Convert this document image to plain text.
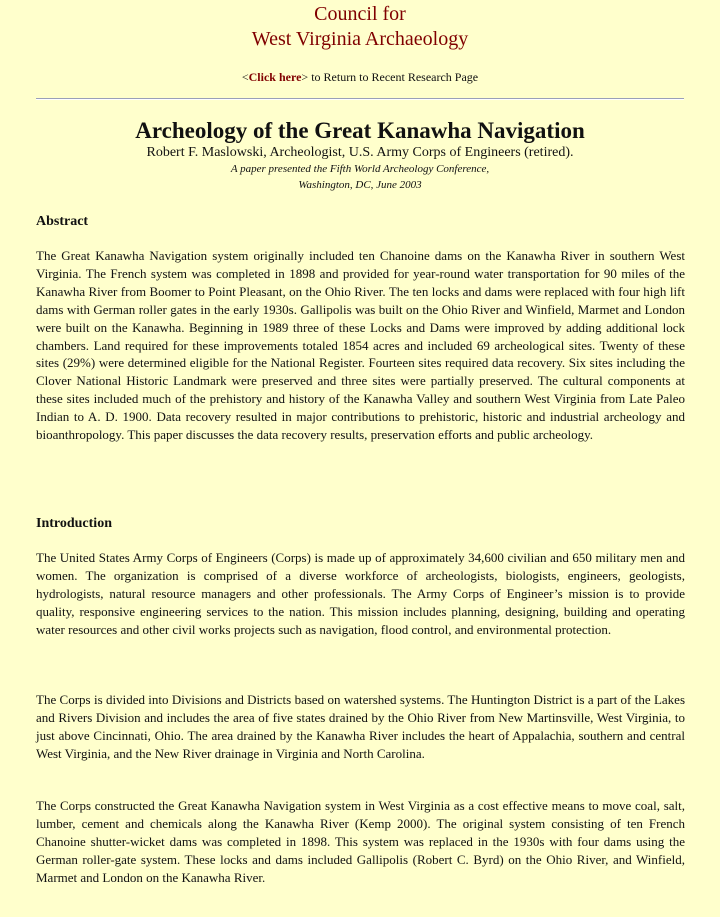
Council for
West Virginia Archaeology
<Click here> to Return to Recent Research Page
Archeology of the Great Kanawha Navigation
Robert F. Maslowski, Archeologist, U.S. Army Corps of Engineers (retired).
A paper presented the Fifth World Archeology Conference,
Washington, DC, June 2003

Abstract

The Great Kanawha Navigation system originally included ten Chanoine dams on the Kanawha River in southern West Virginia. The French system was completed in 1898 and provided for year-round water transportation for 90 miles of the Kanawha River from Boomer to Point Pleasant, on the Ohio River. The ten locks and dams were replaced with four high lift dams with German roller gates in the early 1930s. Gallipolis was built on the Ohio River and Winfield, Marmet and London were built on the Kanawha. Beginning in 1989 three of these Locks and Dams were improved by adding additional lock chambers. Land required for these improvements totaled 1854 acres and included 69 archeological sites. Twenty of these sites (29%) were determined eligible for the National Register. Fourteen sites required data recovery. Six sites including the Clover National Historic Landmark were preserved and three sites were partially preserved. The cultural components at these sites included much of the prehistory and history of the Kanawha Valley and southern West Virginia from Late Paleo Indian to A. D. 1900. Data recovery resulted in major contributions to prehistoric, historic and industrial archeology and bioanthropology. This paper discusses the data recovery results, preservation efforts and public archeology.

Introduction

The United States Army Corps of Engineers (Corps) is made up of approximately 34,600 civilian and 650 military men and women. The organization is comprised of a diverse workforce of archeologists, biologists, engineers, geologists, hydrologists, natural resource managers and other professionals. The Army Corps of Engineer’s mission is to provide quality, responsive engineering services to the nation. This mission includes planning, designing, building and operating water resources and other civil works projects such as navigation, flood control, and environmental protection.

The Corps is divided into Divisions and Districts based on watershed systems. The Huntington District is a part of the Lakes and Rivers Division and includes the area of five states drained by the Ohio River from New Martinsville, West Virginia, to just above Cincinnati, Ohio. The area drained by the Kanawha River includes the heart of Appalachia, southern and central West Virginia, and the New River drainage in Virginia and North Carolina.

The Corps constructed the Great Kanawha Navigation system in West Virginia as a cost effective means to move coal, salt, lumber, cement and chemicals along the Kanawha River (Kemp 2000). The original system consisting of ten French Chanoine shutter-wicket dams was completed in 1898. This system was replaced in the 1930s with four dams using the German roller-gate system. These locks and dams included Gallipolis (Robert C. Byrd) on the Ohio River, and Winfield, Marmet and London on the Kanawha River.
